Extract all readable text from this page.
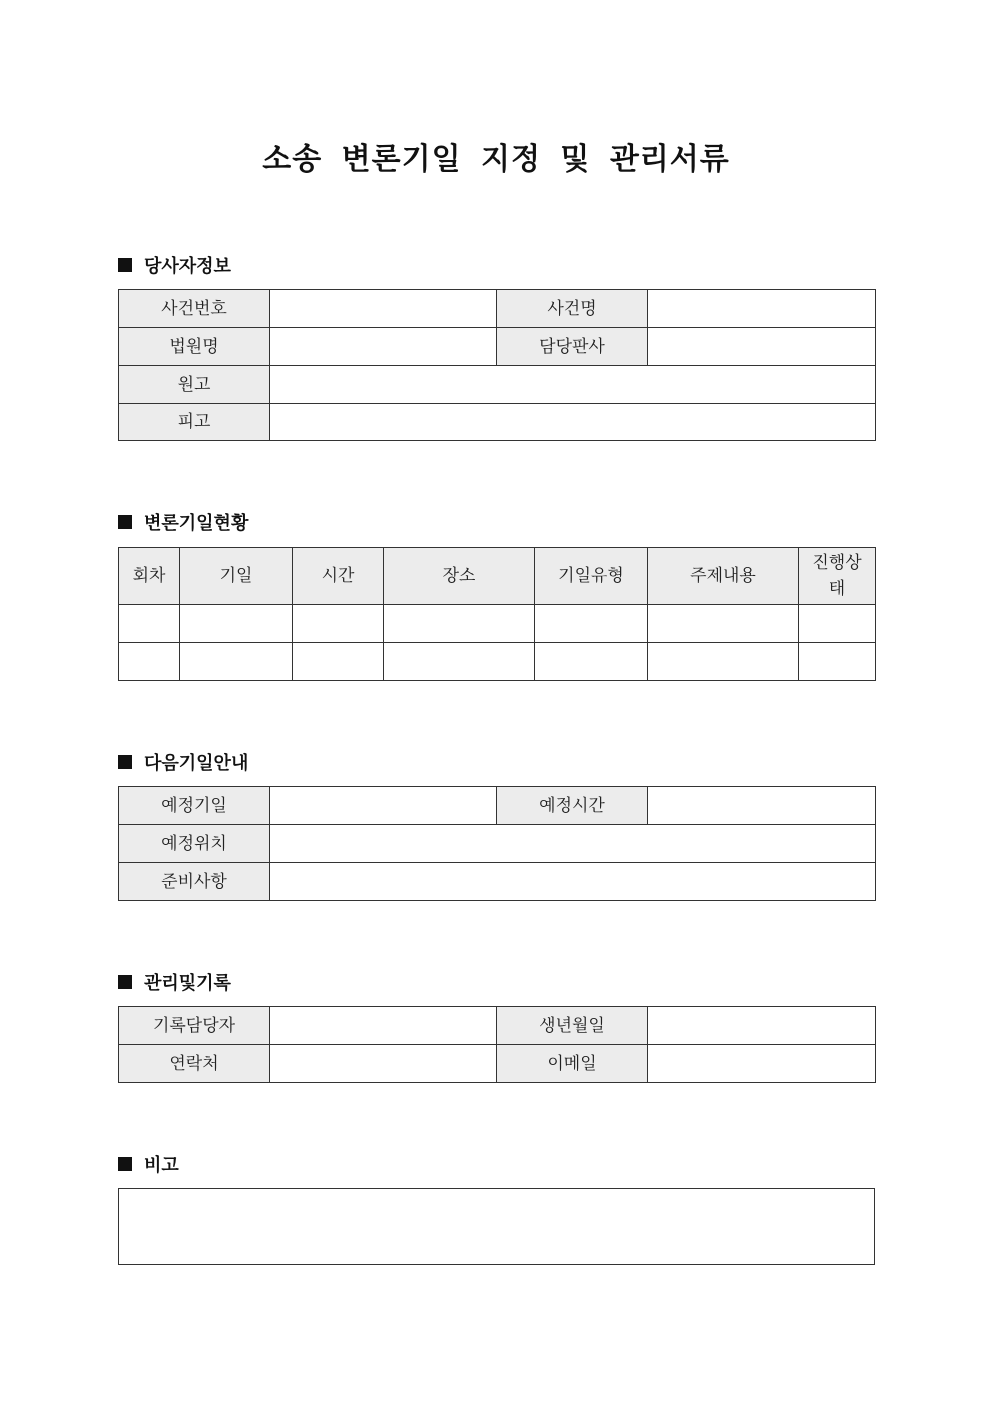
소송 변론기일 지정 및 관리서류
당사자정보
사건번호		사건명	
법원명		담당판사	
원고			
피고			
변론기일현황
회차	기일	시간	장소	기일유형	주제내용	진행상태

다음기일안내
예정기일		예정시간	
예정위치			
준비사항			
관리및기록
기록담당자		생년월일	
연락처		이메일	
비고
